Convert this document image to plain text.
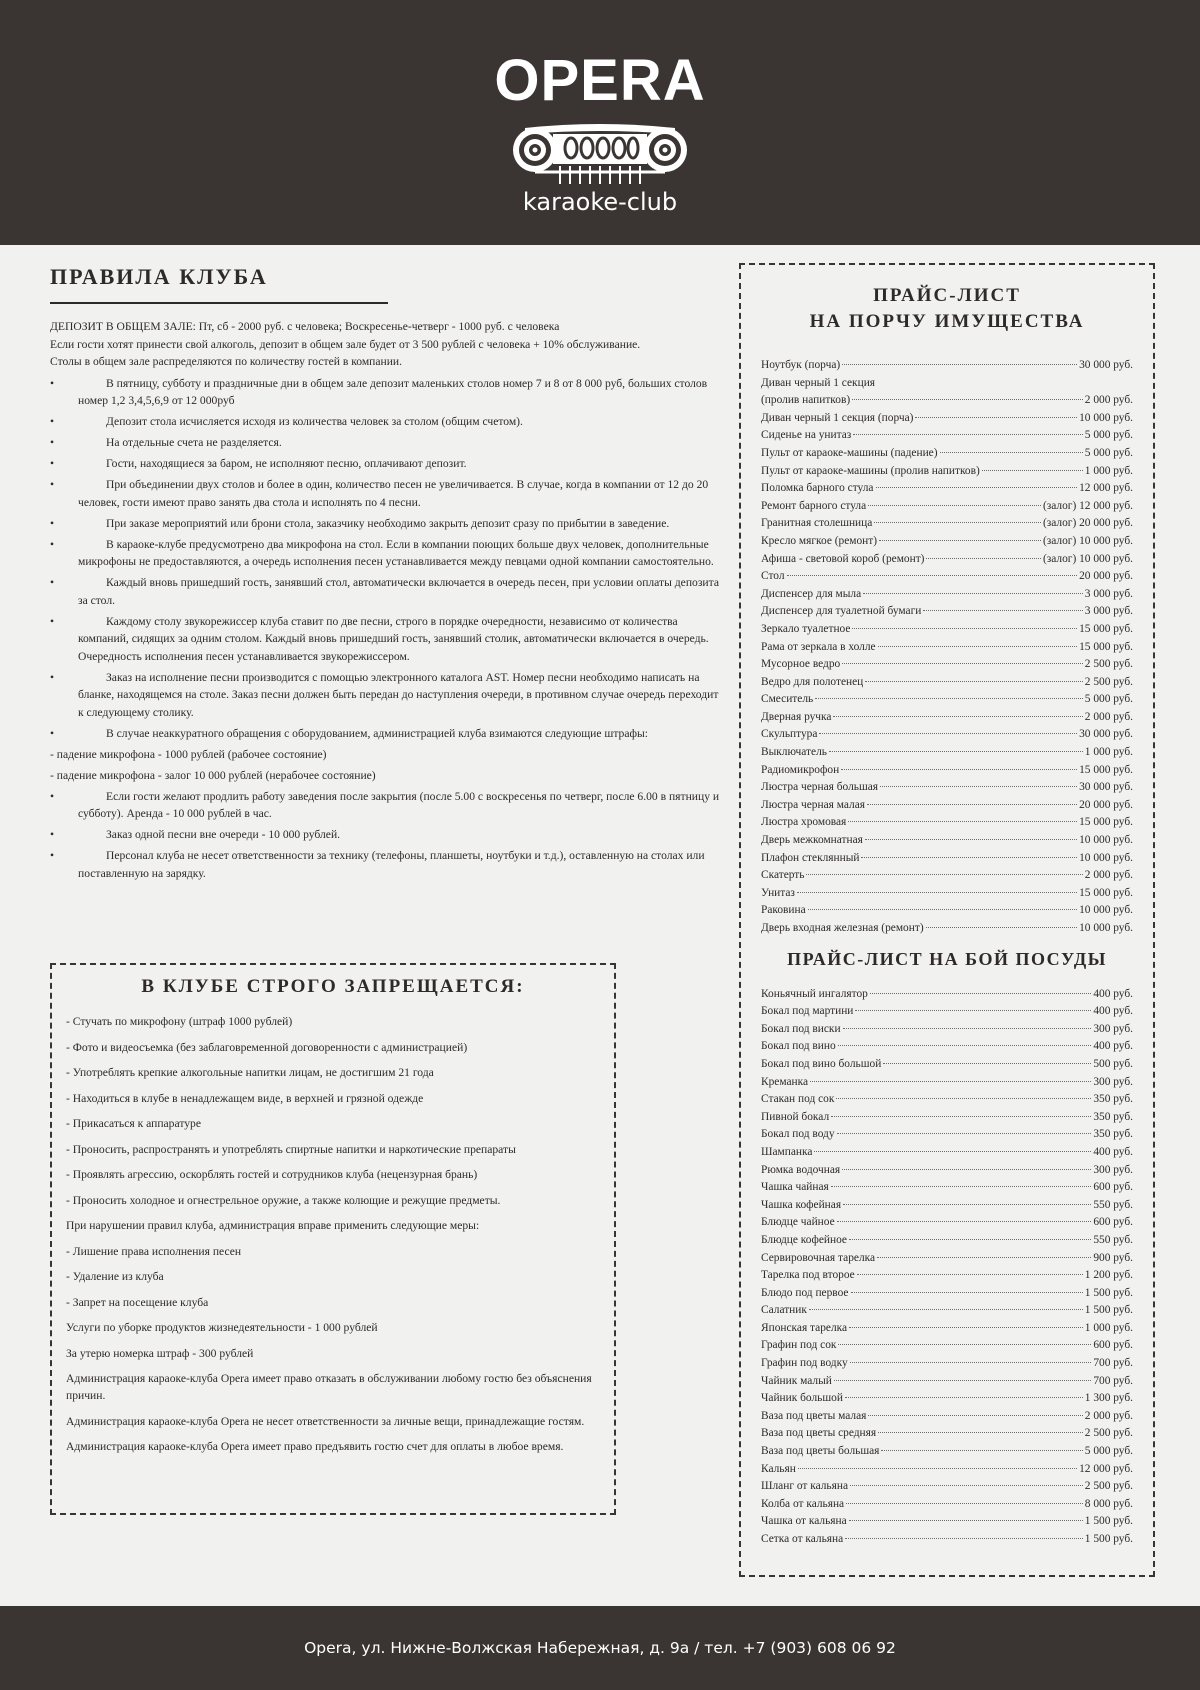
OPERA
karaoke-club
ПРАВИЛА КЛУБА

ДЕПОЗИТ В ОБЩЕМ ЗАЛЕ: Пт, сб - 2000 руб. с человека; Воскресенье-четверг - 1000 руб. с человека

Если гости хотят принести свой алкоголь, депозит в общем зале будет от 3 500 рублей с человека + 10% обслуживание.

Столы в общем зале распределяются по количеству гостей в компании.

• В пятницу, субботу и праздничные дни в общем зале депозит маленьких столов номер 7 и 8 от 8 000 руб, больших столов номер 1,2 3,4,5,6,9 от 12 000руб
• Депозит стола исчисляется исходя из количества человек за столом (общим счетом).
• На отдельные счета не разделяется.
• Гости, находящиеся за баром, не исполняют песню, оплачивают депозит.
• При объединении двух столов и более в один, количество песен не увеличивается. В случае, когда в компании от 12 до 20 человек, гости имеют право занять два стола и исполнять по 4 песни.
• При заказе мероприятий или брони стола, заказчику необходимо закрыть депозит сразу по прибытии в заведение.
• В караоке-клубе предусмотрено два микрофона на стол. Если в компании поющих больше двух человек, дополнительные микрофоны не предоставляются, а очередь исполнения песен устанавливается между певцами одной компании самостоятельно.
• Каждый вновь пришедший гость, занявший стол, автоматически включается в очередь песен, при условии оплаты депозита за стол.
• Каждому столу звукорежиссер клуба ставит по две песни, строго в порядке очередности, независимо от количества компаний, сидящих за одним столом. Каждый вновь пришедший гость, занявший столик, автоматически включается в очередь. Очередность исполнения песен устанавливается звукорежиссером.
• Заказ на исполнение песни производится с помощью электронного каталога AST. Номер песни необходимо написать на бланке, находящемся на столе. Заказ песни должен быть передан до наступления очереди, в противном случае очередь переходит к следующему столику.
• В случае неаккуратного обращения с оборудованием, администрацией клуба взимаются следующие штрафы:
- падение микрофона - 1000 рублей (рабочее состояние)
- падение микрофона - залог 10 000 рублей (нерабочее состояние)
• Если гости желают продлить работу заведения после закрытия (после 5.00 с воскресенья по четверг, после 6.00 в пятницу и субботу). Аренда - 10 000 рублей в час.
• Заказ одной песни вне очереди - 10 000 рублей.
• Персонал клуба не несет ответственности за технику (телефоны, планшеты, ноутбуки и т.д.), оставленную на столах или поставленную на зарядку.
В КЛУБЕ СТРОГО ЗАПРЕЩАЕТСЯ:
- Стучать по микрофону (штраф 1000 рублей)
- Фото и видеосъемка (без заблаговременной договоренности с администрацией)
- Употреблять крепкие алкогольные напитки лицам, не достигшим 21 года
- Находиться в клубе в ненадлежащем виде, в верхней и грязной одежде
- Прикасаться к аппаратуре
- Проносить, распространять и употреблять спиртные напитки и наркотические препараты
- Проявлять агрессию, оскорблять гостей и сотрудников клуба (нецензурная брань)
- Проносить холодное и огнестрельное оружие, а также колющие и режущие предметы.
При нарушении правил клуба, администрация вправе применить следующие меры:
- Лишение права исполнения песен
- Удаление из клуба
- Запрет на посещение клуба
Услуги по уборке продуктов жизнедеятельности - 1 000 рублей
За утерю номерка штраф - 300 рублей
Администрация караоке-клуба Opera имеет право отказать в обслуживании любому гостю без объяснения причин.
Администрация караоке-клуба Opera не несет ответственности за личные вещи, принадлежащие гостям.
Администрация караоке-клуба Opera имеет право предъявить гостю счет для оплаты в любое время.
ПРАЙС-ЛИСТ
НА ПОРЧУ ИМУЩЕСТВА
Ноутбук (порча)	30 000 руб.
Диван черный 1 секция
(пролив напитков)	2 000 руб.
Диван черный 1 секция (порча)	10 000 руб.
Сиденье на унитаз	5 000 руб.
Пульт от караоке-машины (падение)	5 000 руб.
Пульт от караоке-машины (пролив напитков)	1 000 руб.
Поломка барного стула	12 000 руб.
Ремонт барного стула	(залог) 12 000 руб.
Гранитная столешница	(залог) 20 000 руб.
Кресло мягкое (ремонт)	(залог) 10 000 руб.
Афиша - световой короб (ремонт)	(залог) 10 000 руб.
Стол	20 000 руб.
Диспенсер для мыла	3 000 руб.
Диспенсер для туалетной бумаги	3 000 руб.
Зеркало туалетное	15 000 руб.
Рама от зеркала в холле	15 000 руб.
Мусорное ведро	2 500 руб.
Ведро для полотенец	2 500 руб.
Смеситель	5 000 руб.
Дверная ручка	2 000 руб.
Скульптура	30 000 руб.
Выключатель	1 000 руб.
Радиомикрофон	15 000 руб.
Люстра черная большая	30 000 руб.
Люстра черная малая	20 000 руб.
Люстра хромовая	15 000 руб.
Дверь межкомнатная	10 000 руб.
Плафон стеклянный	10 000 руб.
Скатерть	2 000 руб.
Унитаз	15 000 руб.
Раковина	10 000 руб.
Дверь входная железная (ремонт)	10 000 руб.
ПРАЙС-ЛИСТ НА БОЙ ПОСУДЫ
Коньячный ингалятор	400 руб.
Бокал под мартини	400 руб.
Бокал под виски	300 руб.
Бокал под вино	400 руб.
Бокал под вино большой	500 руб.
Креманка	300 руб.
Стакан под сок	350 руб.
Пивной бокал	350 руб.
Бокал под воду	350 руб.
Шампанка	400 руб.
Рюмка водочная	300 руб.
Чашка чайная	600 руб.
Чашка кофейная	550 руб.
Блюдце чайное	600 руб.
Блюдце кофейное	550 руб.
Сервировочная тарелка	900 руб.
Тарелка под второе	1 200 руб.
Блюдо под первое	1 500 руб.
Салатник	1 500 руб.
Японская тарелка	1 000 руб.
Графин под сок	600 руб.
Графин под водку	700 руб.
Чайник малый	700 руб.
Чайник большой	1 300 руб.
Ваза под цветы малая	2 000 руб.
Ваза под цветы средняя	2 500 руб.
Ваза под цветы большая	5 000 руб.
Кальян	12 000 руб.
Шланг от кальяна	2 500 руб.
Колба от кальяна	8 000 руб.
Чашка от кальяна	1 500 руб.
Сетка от кальяна	1 500 руб.
Opera, ул. Нижне-Волжская Набережная, д. 9а / тел. +7 (903) 608 06 92
